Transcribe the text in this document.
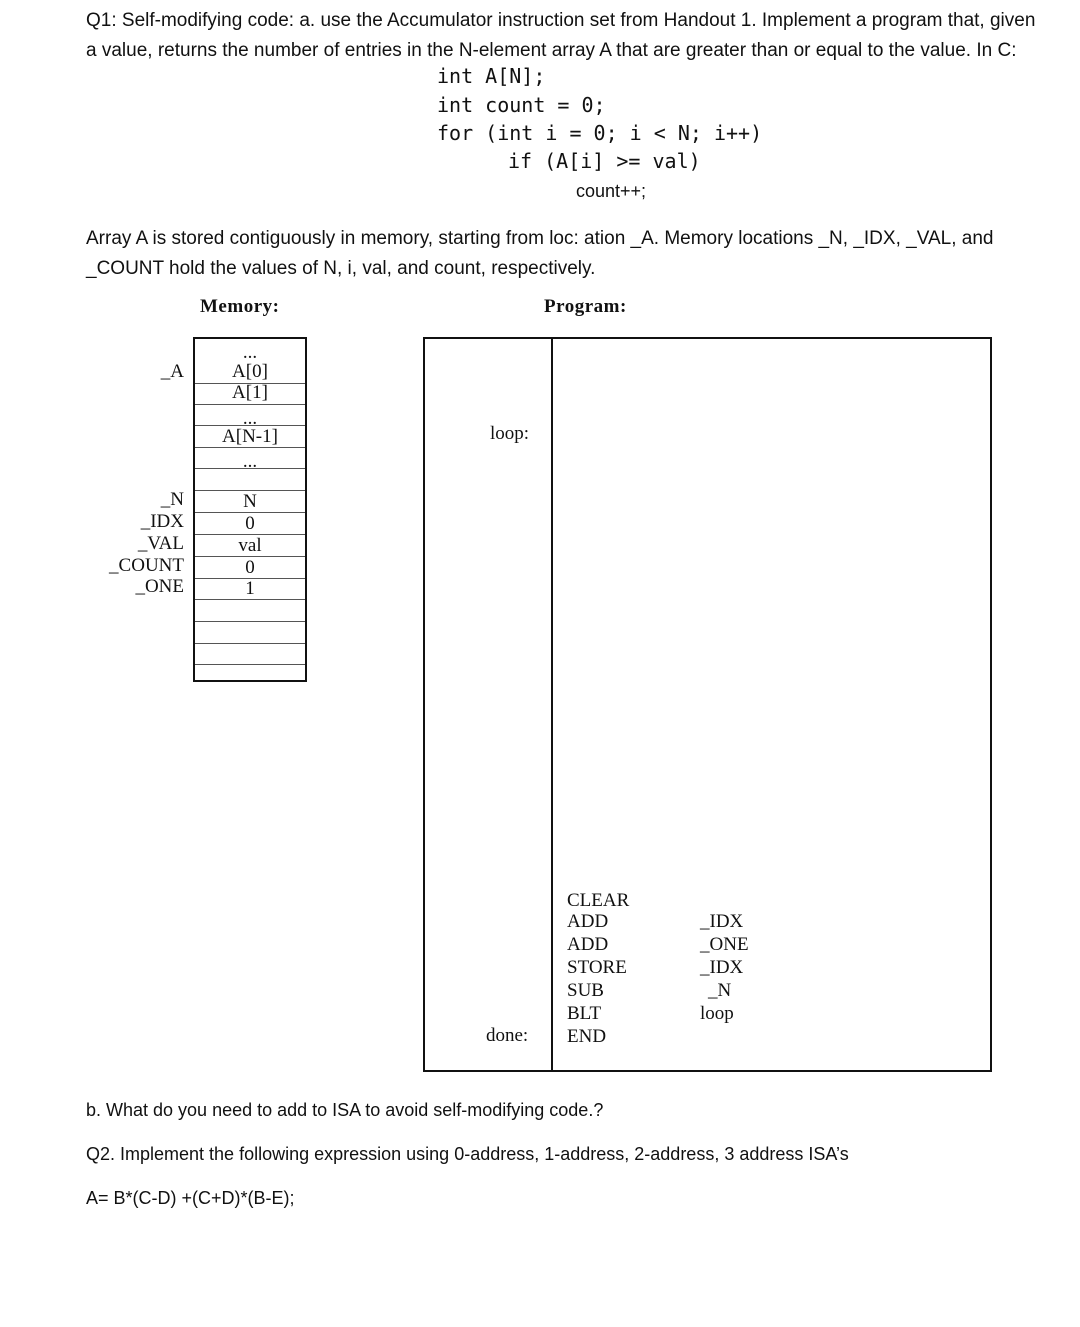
Q1: Self-modifying code: a. use the Accumulator instruction set from Handout 1. Implement a program that, given a value, returns the number of entries in the N-element array A that are greater than or equal to the value. In C:
int A[N];
int count = 0;
for (int i = 0; i < N; i++)
if (A[i] >= val)
count++;
Array A is stored contiguously in memory, starting from loc: ation _A. Memory locations _N, _IDX, _VAL, and _COUNT hold the values of N, i, val, and count, respectively.
Memory:	Program:
...
A[0]
A[1]
...
A[N-1]
...
N
0
val
0
1
_A
_N
_IDX
_VAL
_COUNT
_ONE
loop:
done:
CLEAR
ADD
ADD
STORE
SUB
BLT
END
_IDX
_ONE
_IDX
_N
loop
b. What do you need to add to ISA to avoid self-modifying code.?
Q2. Implement the following expression using 0-address, 1-address, 2-address, 3 address ISA’s
A= B*(C-D) +(C+D)*(B-E);
